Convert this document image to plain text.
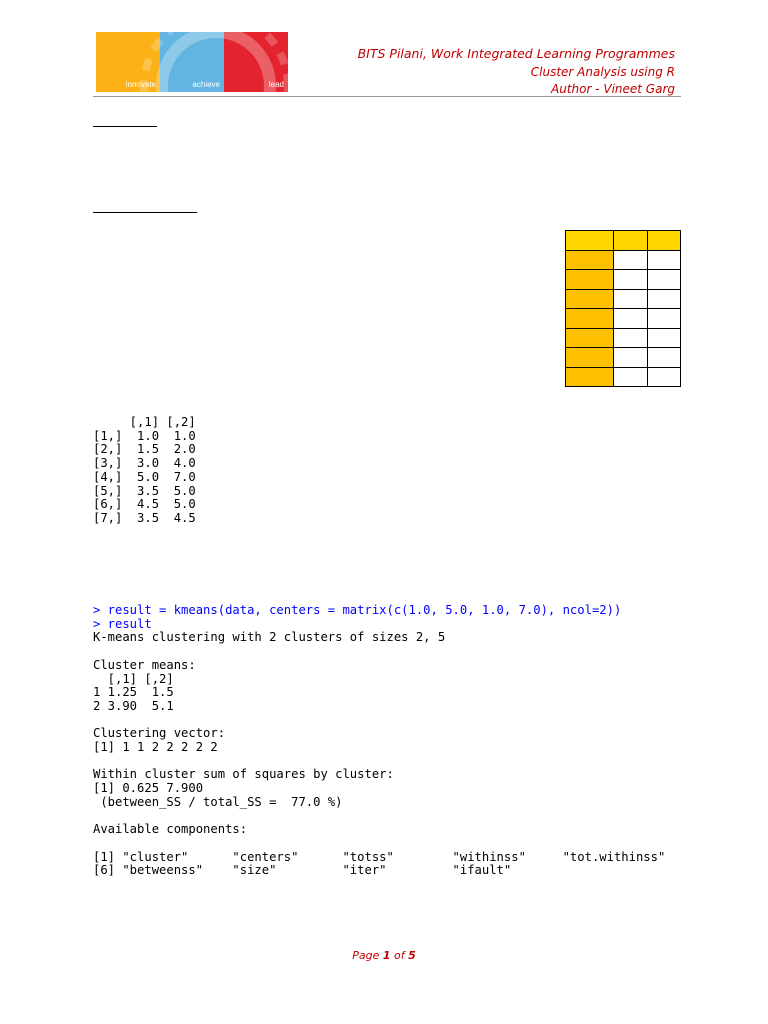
innovate	achieve	lead
BITS Pilani, Work Integrated Learning Programmes
Cluster Analysis using R
Author - Vineet Garg

[,1] [,2]
[1,]  1.0  1.0
[2,]  1.5  2.0
[3,]  3.0  4.0
[4,]  5.0  7.0
[5,]  3.5  5.0
[6,]  4.5  5.0
[7,]  3.5  4.5
> result = kmeans(data, centers = matrix(c(1.0, 5.0, 1.0, 7.0), ncol=2))
> result
K-means clustering with 2 clusters of sizes 2, 5

Cluster means:
[,1] [,2]
1 1.25  1.5
2 3.90  5.1

Clustering vector:
[1] 1 1 2 2 2 2 2

Within cluster sum of squares by cluster:
[1] 0.625 7.900
(between_SS / total_SS =  77.0 %)

Available components:

[1] "cluster"      "centers"      "totss"        "withinss"     "tot.withinss"
[6] "betweenss"    "size"         "iter"         "ifault"
Page 1 of 5
